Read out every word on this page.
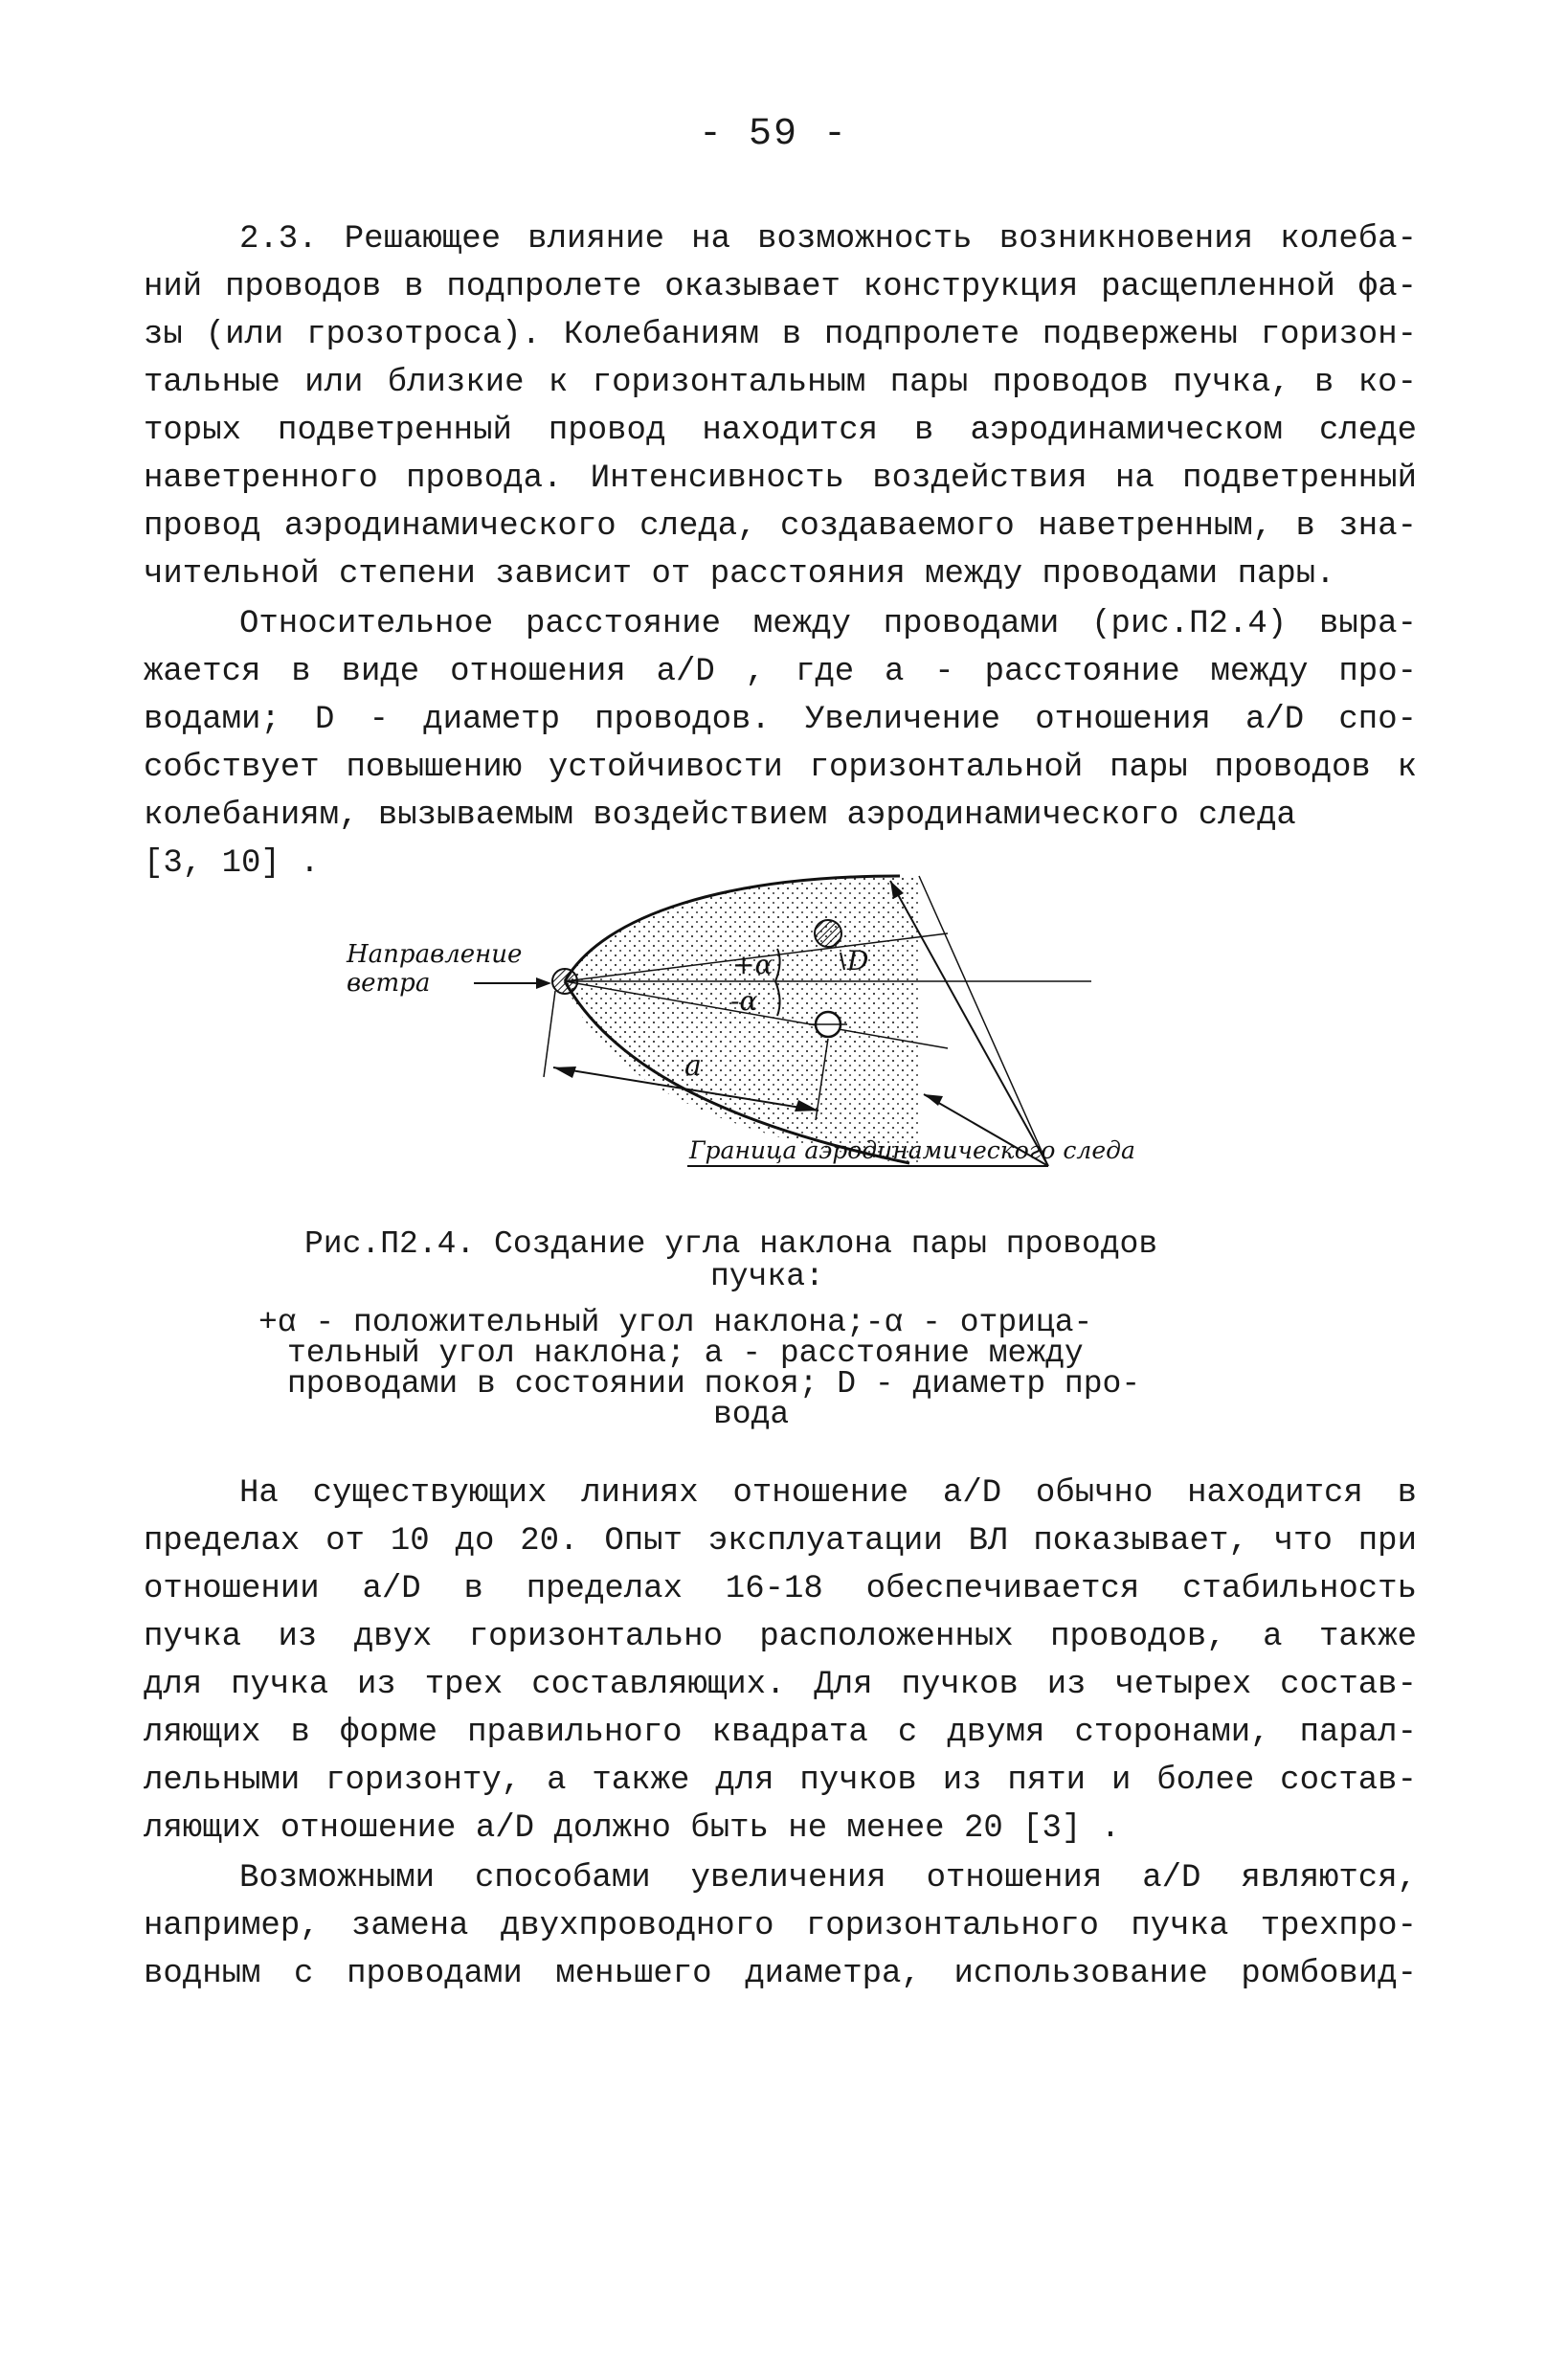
- 59 -
2.3. Решающее влияние на возможность возникновения колеба-
ний проводов в подпролете оказывает конструкция расщепленной фа-
зы (или грозотроса). Колебаниям в подпролете подвержены горизон-
тальные или близкие к горизонтальным пары проводов пучка, в ко-
торых подветренный провод находится в аэродинамическом следе
наветренного провода. Интенсивность воздействия на подветренный
провод аэродинамического следа, создаваемого наветренным, в зна-
чительной степени зависит от расстояния между проводами пары.
Относительное расстояние между проводами (рис.П2.4) выра-
жается в виде отношения a/D , где a - расстояние между про-
водами; D - диаметр проводов. Увеличение отношения a/D спо-
собствует повышению устойчивости горизонтальной пары проводов к
колебаниям, вызываемым воздействием аэродинамического следа
[3, 10] .
+α
-α
D
a
Направление
ветра
Граница аэродинамического следа
Рис.П2.4. Создание угла наклона пары проводов
пучка:
+α - положительный угол наклона;-α - отрица-
тельный угол наклона; a - расстояние между
проводами в состоянии покоя; D - диаметр про-
вода
На существующих линиях отношение a/D обычно находится в
пределах от 10 до 20. Опыт эксплуатации ВЛ показывает, что при
отношении a/D в пределах 16-18 обеспечивается стабильность
пучка из двух горизонтально расположенных проводов, а также
для пучка из трех составляющих. Для пучков из четырех состав-
ляющих в форме правильного квадрата с двумя сторонами, парал-
лельными горизонту, а также для пучков из пяти и более состав-
ляющих отношение a/D должно быть не менее 20 [3] .
Возможными способами увеличения отношения a/D являются,
например, замена двухпроводного горизонтального пучка трехпро-
водным с проводами меньшего диаметра, использование ромбовид-
